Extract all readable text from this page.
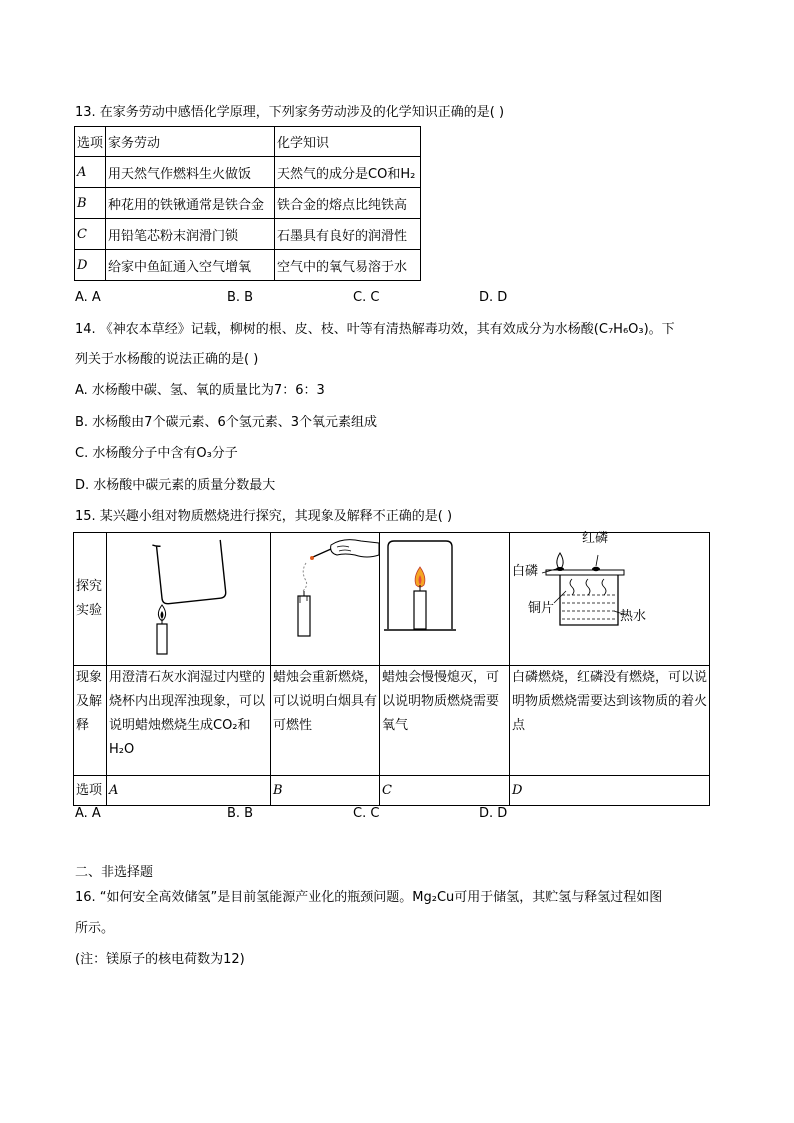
13. 在家务劳动中感悟化学原理，下列家务劳动涉及的化学知识正确的是( )
选项	家务劳动	化学知识
A	用天然气作燃料生火做饭	天然气的成分是CO和H₂
B	种花用的铁锹通常是铁合金	铁合金的熔点比纯铁高
C	用铅笔芯粉末润滑门锁	石墨具有良好的润滑性
D	给家中鱼缸通入空气增氧	空气中的氧气易溶于水
A. A	B. B	C. C	D. D
14. 《神农本草经》记载，柳树的根、皮、枝、叶等有清热解毒功效，其有效成分为水杨酸(C₇H₆O₃)。下
列关于水杨酸的说法正确的是( )
A. 水杨酸中碳、氢、氧的质量比为7：6：3
B. 水杨酸由7个碳元素、6个氢元素、3个氧元素组成
C. 水杨酸分子中含有O₃分子
D. 水杨酸中碳元素的质量分数最大
15. 某兴趣小组对物质燃烧进行探究，其现象及解释不正确的是( )
探究实验				红磷
白磷
铜片
热水

现象及解释	用澄清石灰水润湿过内壁的烧杯内出现浑浊现象，可以说明蜡烛燃烧生成CO₂和H₂O	蜡烛会重新燃烧，可以说明白烟具有可燃性	蜡烛会慢慢熄灭，可以说明物质燃烧需要氧气	白磷燃烧，红磷没有燃烧，可以说明物质燃烧需要达到该物质的着火点
选项	A	B	C	D
A. A	B. B	C. C	D. D
二、非选择题
16. “如何安全高效储氢”是目前氢能源产业化的瓶颈问题。Mg₂Cu可用于储氢，其贮氢与释氢过程如图
所示。
(注：镁原子的核电荷数为12)
